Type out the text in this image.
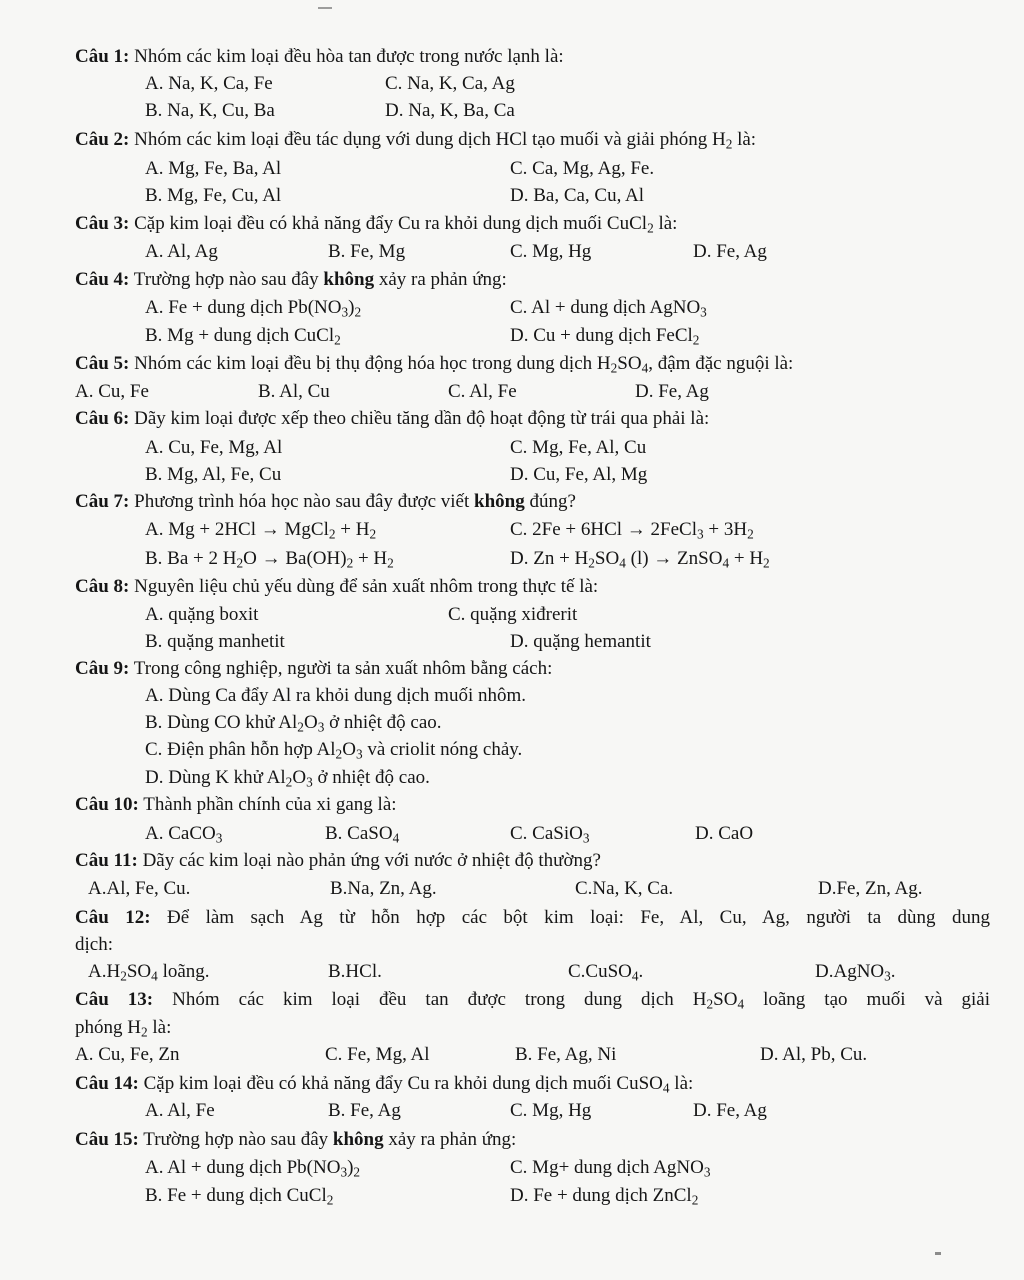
Câu 1: Nhóm các kim loại đều hòa tan được trong nước lạnh là:
A. Na, K, Ca, Fe	C. Na, K, Ca, Ag
B. Na, K, Cu, Ba	D. Na, K, Ba, Ca
Câu 2: Nhóm các kim loại đều tác dụng với dung dịch HCl tạo muối và giải phóng $H_2$ là:
A. Mg, Fe, Ba, Al	C. Ca, Mg, Ag, Fe.
B. Mg, Fe, Cu, Al	D. Ba, Ca, Cu, Al
Câu 3: Cặp kim loại đều có khả năng đẩy Cu ra khỏi dung dịch muối CuCl$_2$ là:
A. Al, Ag	B. Fe, Mg	C. Mg, Hg	D. Fe, Ag
Câu 4: Trường hợp nào sau đây không xảy ra phản ứng:
A. Fe + dung dịch $Pb(NO_3)_2$	C. Al + dung dịch AgNO$_3$
B. Mg + dung dịch CuCl$_2$	D. Cu + dung dịch FeCl$_2$
Câu 5: Nhóm các kim loại đều bị thụ động hóa học trong dung dịch $H_2SO_4$, đậm đặc nguội là:
A. Cu, Fe	B. Al, Cu	C. Al, Fe	D. Fe, Ag
Câu 6: Dãy kim loại được xếp theo chiều tăng dần độ hoạt động từ trái qua phải là:
A. Cu, Fe, Mg, Al	C. Mg, Fe, Al, Cu
B. Mg, Al, Fe, Cu	D. Cu, Fe, Al, Mg
Câu 7: Phương trình hóa học nào sau đây được viết không đúng?
A. Mg + 2HCl → MgCl$_2$ + $H_2$	C. 2Fe + 6HCl → 2FeCl$_3$ + $3H_2$
B. Ba + 2 $H_2O \to Ba(OH)_2 + H_2$	D. $Zn + H_2SO_4$ (l) → ZnSO$_4$ + $H_2$
Câu 8: Nguyên liệu chủ yếu dùng để sản xuất nhôm trong thực tế là:
A. quặng boxit	C. quặng xiđrerit
B. quặng manhetit	D. quặng hemantit
Câu 9: Trong công nghiệp, người ta sản xuất nhôm bằng cách:
A. Dùng Ca đẩy Al ra khỏi dung dịch muối nhôm.
B. Dùng CO khử $Al_2O_3$ ở nhiệt độ cao.
C. Điện phân hỗn hợp $Al_2O_3$ và criolit nóng chảy.
D. Dùng K khử $Al_2O_3$ ở nhiệt độ cao.
Câu 10: Thành phần chính của xi gang là:
A. CaCO$_3$	B. CaSO$_4$	C. CaSiO$_3$	D. CaO
Câu 11: Dãy các kim loại nào phản ứng với nước ở nhiệt độ thường?
A.Al, Fe, Cu.	B.Na, Zn, Ag.	C.Na, K, Ca.	D.Fe, Zn, Ag.
Câu 12: Để làm sạch Ag từ hỗn hợp các bột kim loại: Fe, Al, Cu, Ag, người ta dùng dung
dịch:
$A.H_2SO_4$ loãng.	B.HCl.	C.CuSO$_4$.	D.AgNO$_3$.
Câu 13: Nhóm các kim loại đều tan được trong dung dịch $H_2SO_4$ loãng tạo muối và giải
phóng $H_2$ là:
A. Cu, Fe, Zn	C. Fe, Mg, Al	B. Fe, Ag, Ni	D. Al, Pb, Cu.
Câu 14: Cặp kim loại đều có khả năng đẩy Cu ra khỏi dung dịch muối CuSO$_4$ là:
A. Al, Fe	B. Fe, Ag	C. Mg, Hg	D. Fe, Ag
Câu 15: Trường hợp nào sau đây không xảy ra phản ứng:
A. Al + dung dịch $Pb(NO_3)_2$	C. Mg+ dung dịch AgNO$_3$
B. Fe + dung dịch CuCl$_2$	D. Fe + dung dịch ZnCl$_2$
